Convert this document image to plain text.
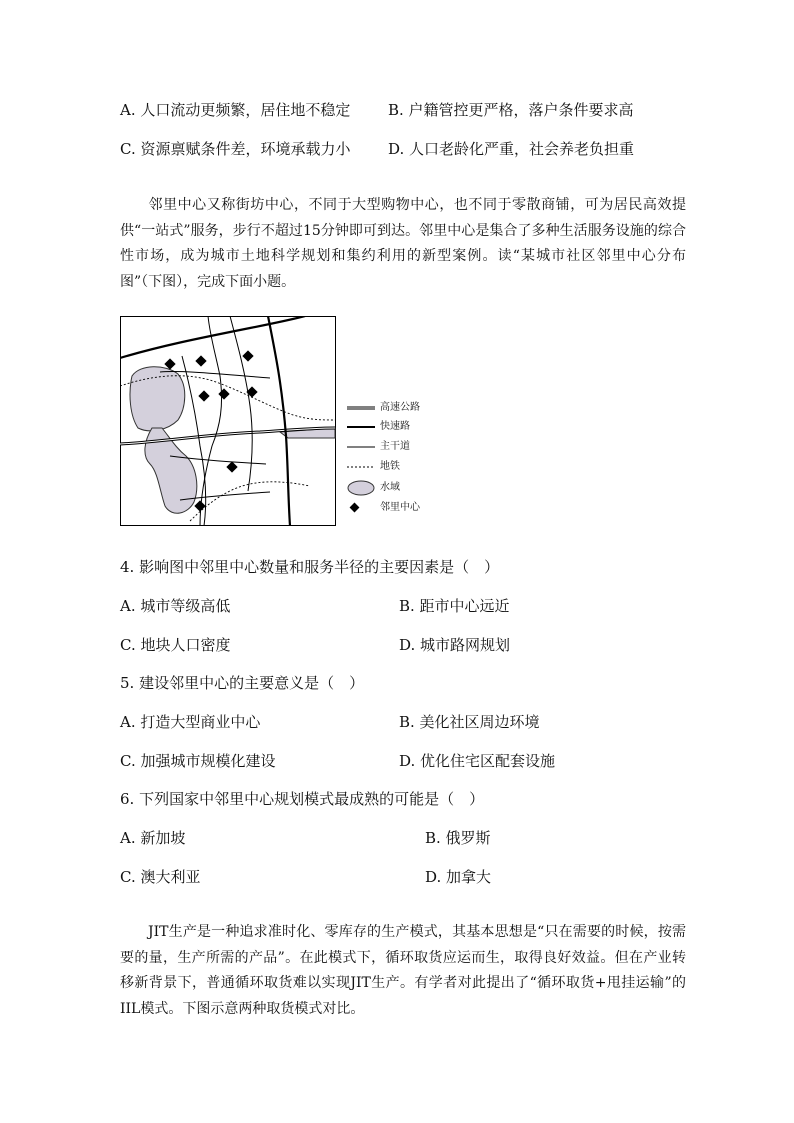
A. 人口流动更频繁，居住地不稳定	B. 户籍管控更严格，落户条件要求高
C. 资源禀赋条件差，环境承载力小	D. 人口老龄化严重，社会养老负担重
邻里中心又称街坊中心，不同于大型购物中心，也不同于零散商铺，可为居民高效提供“一站式”服务，步行不超过15分钟即可到达。邻里中心是集合了多种生活服务设施的综合性市场，成为城市土地科学规划和集约利用的新型案例。读“某城市社区邻里中心分布图”（下图），完成下面小题。
高速公路
快速路
主干道
地铁
水域
邻里中心
4. 影响图中邻里中心数量和服务半径的主要因素是（　）
A. 城市等级高低	B. 距市中心远近
C. 地块人口密度	D. 城市路网规划
5. 建设邻里中心的主要意义是（　）
A. 打造大型商业中心	B. 美化社区周边环境
C. 加强城市规模化建设	D. 优化住宅区配套设施
6. 下列国家中邻里中心规划模式最成熟的可能是（　）
A. 新加坡	B. 俄罗斯
C. 澳大利亚	D. 加拿大
JIT生产是一种追求准时化、零库存的生产模式，其基本思想是“只在需要的时候，按需要的量，生产所需的产品”。在此模式下，循环取货应运而生，取得良好效益。但在产业转移新背景下，普通循环取货难以实现JIT生产。有学者对此提出了“循环取货+甩挂运输”的IIL模式。下图示意两种取货模式对比。
